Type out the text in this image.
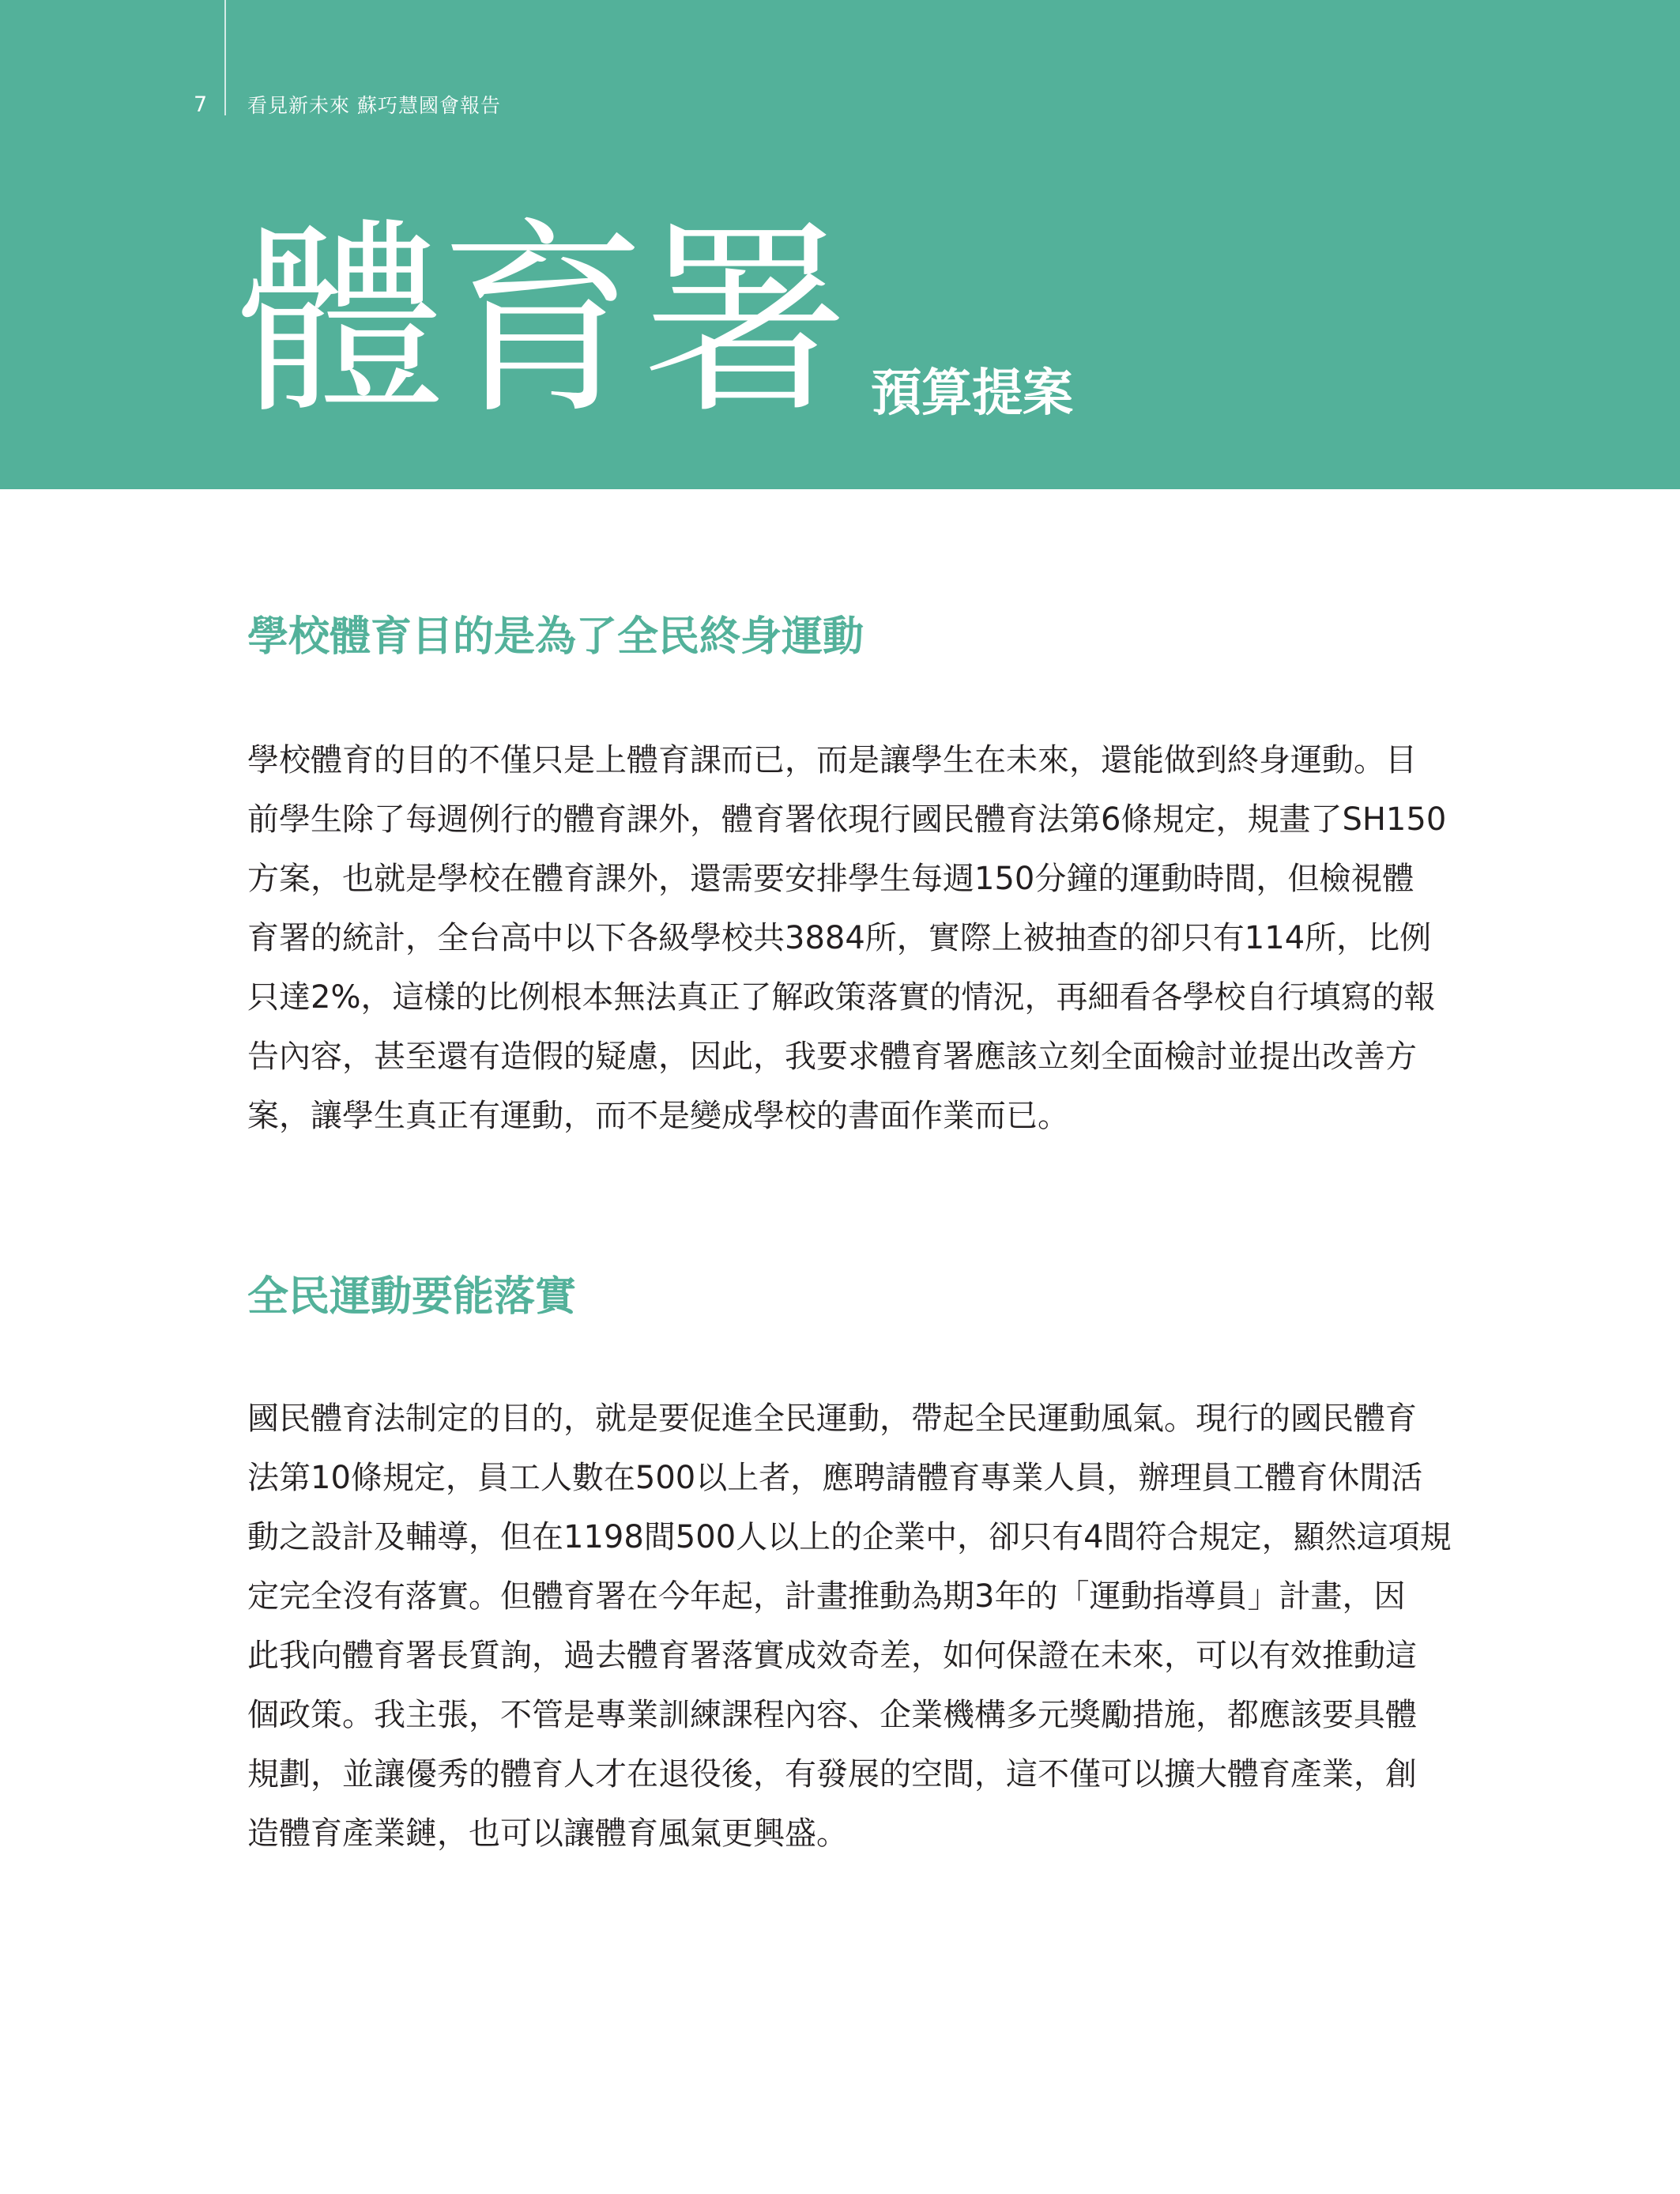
7 看見新未來 蘇巧慧國會報告
體育署 預算提案
學校體育目的是為了全民終身運動

學校體育的目的不僅只是上體育課而已，而是讓學生在未來，還能做到終身運動。目
前學生除了每週例行的體育課外，體育署依現行國民體育法第6條規定，規畫了SH150
方案，也就是學校在體育課外，還需要安排學生每週150分鐘的運動時間，但檢視體
育署的統計，全台高中以下各級學校共3884所，實際上被抽查的卻只有114所，比例
只達2%，這樣的比例根本無法真正了解政策落實的情況，再細看各學校自行填寫的報
告內容，甚至還有造假的疑慮，因此，我要求體育署應該立刻全面檢討並提出改善方
案，讓學生真正有運動，而不是變成學校的書面作業而已。

全民運動要能落實

國民體育法制定的目的，就是要促進全民運動，帶起全民運動風氣。現行的國民體育
法第10條規定，員工人數在500以上者，應聘請體育專業人員，辦理員工體育休閒活
動之設計及輔導，但在1198間500人以上的企業中，卻只有4間符合規定，顯然這項規
定完全沒有落實。但體育署在今年起，計畫推動為期3年的「運動指導員」計畫，因
此我向體育署長質詢，過去體育署落實成效奇差，如何保證在未來，可以有效推動這
個政策。我主張，不管是專業訓練課程內容、企業機構多元獎勵措施，都應該要具體
規劃，並讓優秀的體育人才在退役後，有發展的空間，這不僅可以擴大體育產業，創
造體育產業鏈，也可以讓體育風氣更興盛。
